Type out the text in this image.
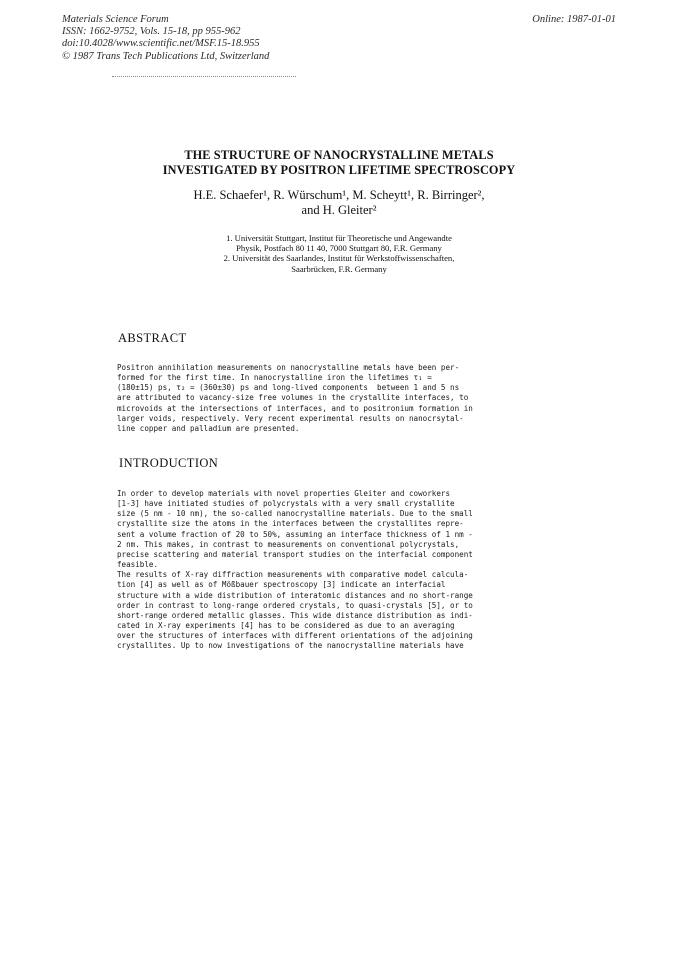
Materials Science Forum
ISSN: 1662-9752, Vols. 15-18, pp 955-962
doi:10.4028/www.scientific.net/MSF.15-18.955
© 1987 Trans Tech Publications Ltd, Switzerland
Online: 1987-01-01
THE STRUCTURE OF NANOCRYSTALLINE METALS
INVESTIGATED BY POSITRON LIFETIME SPECTROSCOPY
H.E. Schaefer¹, R. Würschum¹, M. Scheytt¹, R. Birringer²,
and H. Gleiter²
1. Universität Stuttgart, Institut für Theoretische und Angewandte
Physik, Postfach 80 11 40, 7000 Stuttgart 80, F.R. Germany
2. Universität des Saarlandes, Institut für Werkstoffwissenschaften,
Saarbrücken, F.R. Germany
ABSTRACT
Positron annihilation measurements on nanocrystalline metals have been per-
formed for the first time. In nanocrystalline iron the lifetimes τ₁ =
(180±15) ps, τ₂ = (360±30) ps and long-lived components  between 1 and 5 ns
are attributed to vacancy-size free volumes in the crystallite interfaces, to
microvoids at the intersections of interfaces, and to positronium formation in
larger voids, respectively. Very recent experimental results on nanocrsytal-
line copper and palladium are presented.
INTRODUCTION
In order to develop materials with novel properties Gleiter and coworkers
[1-3] have initiated studies of polycrystals with a very small crystallite
size (5 nm - 10 nm), the so-called nanocrystalline materials. Due to the small
crystallite size the atoms in the interfaces between the crystallites repre-
sent a volume fraction of 20 to 50%, assuming an interface thickness of 1 nm -
2 nm. This makes, in contrast to measurements on conventional polycrystals,
precise scattering and material transport studies on the interfacial component
feasible.
The results of X-ray diffraction measurements with comparative model calcula-
tion [4] as well as of Mößbauer spectroscopy [3] indicate an interfacial
structure with a wide distribution of interatomic distances and no short-range
order in contrast to long-range ordered crystals, to quasi-crystals [5], or to
short-range ordered metallic glasses. This wide distance distribution as indi-
cated in X-ray experiments [4] has to be considered as due to an averaging
over the structures of interfaces with different orientations of the adjoining
crystallites. Up to now investigations of the nanocrystalline materials have
